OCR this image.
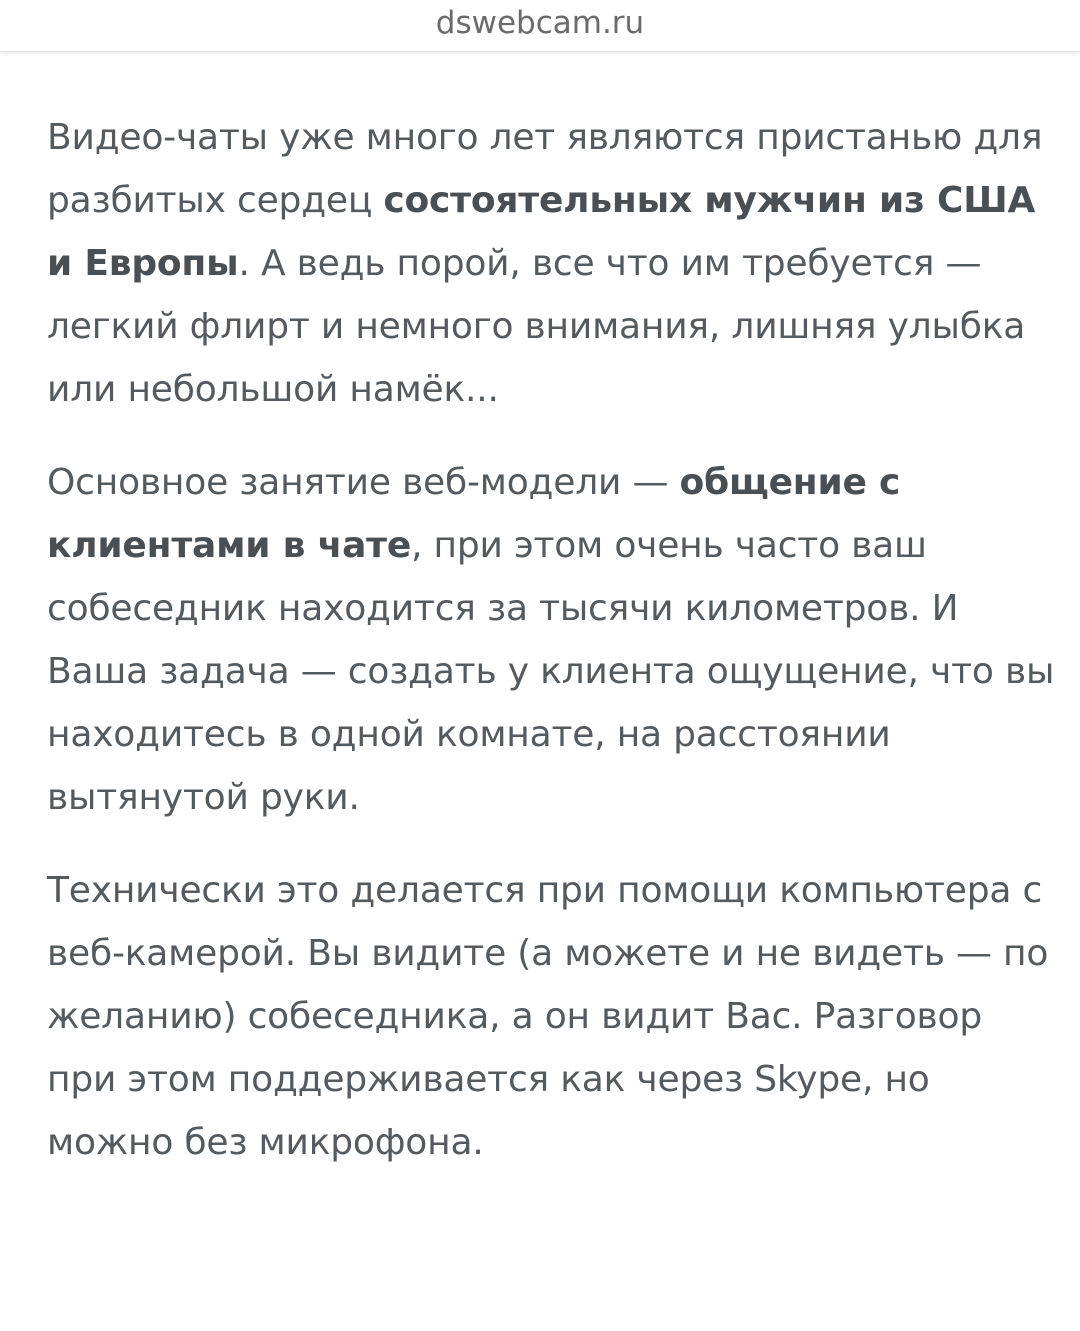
dswebcam.ru

Видео-чаты уже много лет являются пристанью для разбитых сердец состоятельных мужчин из США и Европы. А ведь порой, все что им требуется — легкий флирт и немного внимания, лишняя улыбка или небольшой намёк...

Основное занятие веб-модели — общение с клиентами в чате, при этом очень часто ваш собеседник находится за тысячи километров. И Ваша задача — создать у клиента ощущение, что вы находитесь в одной комнате, на расстоянии вытянутой руки.

Технически это делается при помощи компьютера с веб-камерой. Вы видите (а можете и не видеть — по желанию) собеседника, а он видит Вас. Разговор при этом поддерживается как через Skype, но можно без микрофона.
